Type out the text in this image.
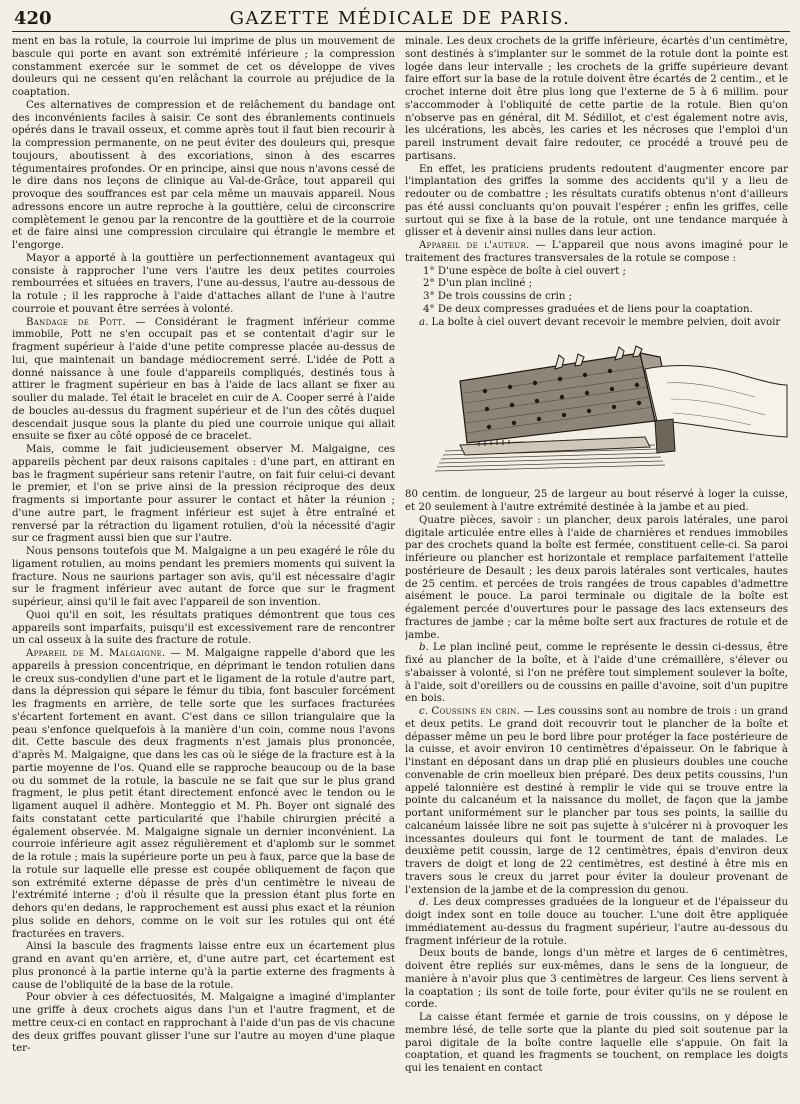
420	GAZETTE MÉDICALE DE PARIS.

ment en bas la rotule, la courroie lui imprime de plus un mouvement de bascule qui porte en avant son extrémité inférieure ; la compression constamment exercée sur le sommet de cet os développe de vives douleurs qui ne cessent qu'en relâchant la courroie au préjudice de la coaptation.

Ces alternatives de compression et de relâchement du bandage ont des inconvénients faciles à saisir. Ce sont des ébranlements continuels opérés dans le travail osseux, et comme après tout il faut bien recourir à la compression permanente, on ne peut éviter des douleurs qui, presque toujours, aboutissent à des excoriations, sinon à des escarres tégumentaires profondes. Or en principe, ainsi que nous n'avons cessé de le dire dans nos leçons de clinique au Val-de-Grâce, tout appareil qui provoque des souffrances est par cela même un mauvais appareil. Nous adressons encore un autre reproche à la gouttière, celui de circonscrire complètement le genou par la rencontre de la gouttière et de la courroie et de faire ainsi une compression circulaire qui étrangle le membre et l'engorge.

Mayor a apporté à la gouttière un perfectionnement avantageux qui consiste à rapprocher l'une vers l'autre les deux petites courroies rembourrées et situées en travers, l'une au-dessus, l'autre au-dessous de la rotule ; il les rapproche à l'aide d'attaches allant de l'une à l'autre courroie et pouvant être serrées à volonté.

Bandage de Pott. — Considérant le fragment inférieur comme immobile, Pott ne s'en occupait pas et se contentait d'agir sur le fragment supérieur à l'aide d'une petite compresse placée au-dessus de lui, que maintenait un bandage médiocrement serré. L'idée de Pott a donné naissance à une foule d'appareils compliqués, destinés tous à attirer le fragment supérieur en bas à l'aide de lacs allant se fixer au soulier du malade. Tel était le bracelet en cuir de A. Cooper serré à l'aide de boucles au-dessus du fragment supérieur et de l'un des côtés duquel descendait jusque sous la plante du pied une courroie unique qui allait ensuite se fixer au côté opposé de ce bracelet.

Mais, comme le fait judicieusement observer M. Malgaigne, ces appareils pèchent par deux raisons capitales : d'une part, en attirant en bas le fragment supérieur sans retenir l'autre, on fait fuir celui-ci devant le premier, et l'on se prive ainsi de la pression réciproque des deux fragments si importante pour assurer le contact et hâter la réunion ; d'une autre part, le fragment inférieur est sujet à être entraîné et renversé par la rétraction du ligament rotulien, d'où la nécessité d'agir sur ce fragment aussi bien que sur l'autre.

Nous pensons toutefois que M. Malgaigne a un peu exagéré le rôle du ligament rotulien, au moins pendant les premiers moments qui suivent la fracture. Nous ne saurions partager son avis, qu'il est nécessaire d'agir sur le fragment inférieur avec autant de force que sur le fragment supérieur, ainsi qu'il le fait avec l'appareil de son invention.

Quoi qu'il en soit, les résultats pratiques démontrent que tous ces appareils sont imparfaits, puisqu'il est excessivement rare de rencontrer un cal osseux à la suite des fracture de rotule.

Appareil de M. Malgaigne. — M. Malgaigne rappelle d'abord que les appareils à pression concentrique, en déprimant le tendon rotulien dans le creux sus-condylien d'une part et le ligament de la rotule d'autre part, dans la dépression qui sépare le fémur du tibia, font basculer forcément les fragments en arrière, de telle sorte que les surfaces fracturées s'écartent fortement en avant. C'est dans ce sillon triangulaire que la peau s'enfonce quelquefois à la manière d'un coin, comme nous l'avons dit. Cette bascule des deux fragments n'est jamais plus prononcée, d'après M. Malgaigne, que dans les cas où le siége de la fracture est à la partie moyenne de l'os. Quand elle se rapproche beaucoup ou de la base ou du sommet de la rotule, la bascule ne se fait que sur le plus grand fragment, le plus petit étant directement enfoncé avec le tendon ou le ligament auquel il adhère. Monteggio et M. Ph. Boyer ont signalé des faits constatant cette particularité que l'habile chirurgien précité a également observée. M. Malgaigne signale un dernier inconvénient. La courroie inférieure agit assez régulièrement et d'aplomb sur le sommet de la rotule ; mais la supérieure porte un peu à faux, parce que la base de la rotule sur laquelle elle presse est coupée obliquement de façon que son extrémité externe dépasse de près d'un centimètre le niveau de l'extrémité interne ; d'où il résulte que la pression étant plus forte en dehors qu'en dedans, le rapprochement est aussi plus exact et la réunion plus solide en dehors, comme on le voit sur les rotules qui ont été fracturées en travers.

Ainsi la bascule des fragments laisse entre eux un écartement plus grand en avant qu'en arrière, et, d'une autre part, cet écartement est plus prononcé à la partie interne qu'à la partie externe des fragments à cause de l'obliquité de la base de la rotule.

Pour obvier à ces défectuosités, M. Malgaigne a imaginé d'implanter une griffe à deux crochets aigus dans l'un et l'autre fragment, et de mettre ceux-ci en contact en rapprochant à l'aide d'un pas de vis chacune des deux griffes pouvant glisser l'une sur l'autre au moyen d'une plaque ter-

minale. Les deux crochets de la griffe inférieure, écartés d'un centimètre, sont destinés à s'implanter sur le sommet de la rotule dont la pointe est logée dans leur intervalle ; les crochets de la griffe supérieure devant faire effort sur la base de la rotule doivent être écartés de 2 centim., et le crochet interne doit être plus long que l'externe de 5 à 6 millim. pour s'accommoder à l'obliquité de cette partie de la rotule. Bien qu'on n'observe pas en général, dit M. Sédillot, et c'est également notre avis, les ulcérations, les abcès, les caries et les nécroses que l'emploi d'un pareil instrument devait faire redouter, ce procédé a trouvé peu de partisans.

En effet, les praticiens prudents redoutent d'augmenter encore par l'implantation des griffes la somme des accidents qu'il y a lieu de redouter ou de combattre ; les résultats curatifs obtenus n'ont d'ailleurs pas été aussi concluants qu'on pouvait l'espérer ; enfin les griffes, celle surtout qui se fixe à la base de la rotule, ont une tendance marquée à glisser et à devenir ainsi nulles dans leur action.

Appareil de l'auteur. — L'appareil que nous avons imaginé pour le traitement des fractures transversales de la rotule se compose :

1° D'une espèce de boîte à ciel ouvert ;

2° D'un plan incliné ;

3° De trois coussins de crin ;

4° De deux compresses graduées et de liens pour la coaptation.

a. La boîte à ciel ouvert devant recevoir le membre pelvien, doit avoir

80 centim. de longueur, 25 de largeur au bout réservé à loger la cuisse, et 20 seulement à l'autre extrémité destinée à la jambe et au pied.

Quatre pièces, savoir : un plancher, deux parois latérales, une paroi digitale articulée entre elles à l'aide de charnières et rendues immobiles par des crochets quand la boîte est fermée, constituent celle-ci. Sa paroi inférieure ou plancher est horizontale et remplace parfaitement l'attelle postérieure de Desault ; les deux parois latérales sont verticales, hautes de 25 centim. et percées de trois rangées de trous capables d'admettre aisément le pouce. La paroi terminale ou digitale de la boîte est également percée d'ouvertures pour le passage des lacs extenseurs des fractures de jambe ; car la même boîte sert aux fractures de rotule et de jambe.

b. Le plan incliné peut, comme le représente le dessin ci-dessus, être fixé au plancher de la boîte, et à l'aide d'une crémaillère, s'élever ou s'abaisser à volonté, si l'on ne préfère tout simplement soulever la boîte, à l'aide, soit d'oreillers ou de coussins en paille d'avoine, soit d'un pupitre en bois.

c. Coussins en crin. — Les coussins sont au nombre de trois : un grand et deux petits. Le grand doit recouvrir tout le plancher de la boîte et dépasser même un peu le bord libre pour protéger la face postérieure de la cuisse, et avoir environ 10 centimètres d'épaisseur. On le fabrique à l'instant en déposant dans un drap plié en plusieurs doubles une couche convenable de crin moelleux bien préparé. Des deux petits coussins, l'un appelé talonnière est destiné à remplir le vide qui se trouve entre la pointe du calcanéum et la naissance du mollet, de façon que la jambe portant uniformément sur le plancher par tous ses points, la saillie du calcanéum laissée libre ne soit pas sujette à s'ulcérer ni à provoquer les incessantes douleurs qui font le tourment de tant de malades. Le deuxième petit coussin, large de 12 centimètres, épais d'environ deux travers de doigt et long de 22 centimètres, est destiné à être mis en travers sous le creux du jarret pour éviter la douleur provenant de l'extension de la jambe et de la compression du genou.

d. Les deux compresses graduées de la longueur et de l'épaisseur du doigt index sont en toile douce au toucher. L'une doit être appliquée immédiatement au-dessus du fragment supérieur, l'autre au-dessous du fragment inférieur de la rotule.

Deux bouts de bande, longs d'un mètre et larges de 6 centimètres, doivent être repliés sur eux-mêmes, dans le sens de la longueur, de manière à n'avoir plus que 3 centimètres de largeur. Ces liens servent à la coaptation ; ils sont de toile forte, pour éviter qu'ils ne se roulent en corde.

La caisse étant fermée et garnie de trois coussins, on y dépose le membre lésé, de telle sorte que la plante du pied soit soutenue par la paroi digitale de la boîte contre laquelle elle s'appuie. On fait la coaptation, et quand les fragments se touchent, on remplace les doigts qui les tenaient en contact
